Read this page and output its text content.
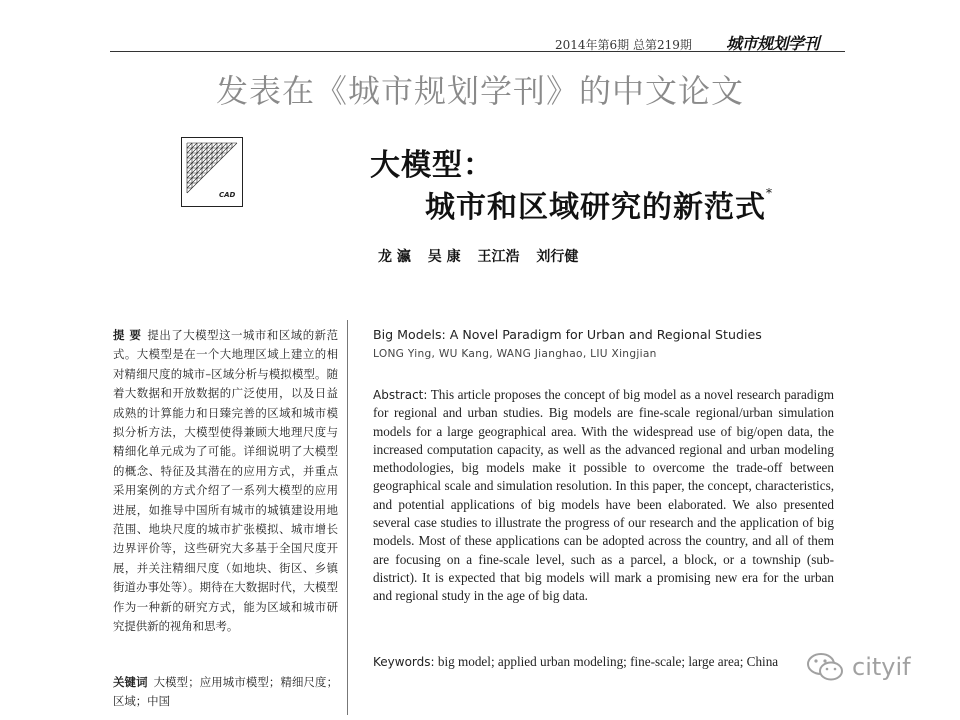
2014年第6期 总第219期 城市规划学刊
发表在《城市规划学刊》的中文论文
CAD
大模型：
城市和区域研究的新范式*
龙 瀛 吴 康 王江浩 刘行健
提 要 提出了大模型这一城市和区域的新范式。大模型是在一个大地理区域上建立的相对精细尺度的城市–区域分析与模拟模型。随着大数据和开放数据的广泛使用，以及日益成熟的计算能力和日臻完善的区域和城市模拟分析方法，大模型使得兼顾大地理尺度与精细化单元成为了可能。详细说明了大模型的概念、特征及其潜在的应用方式，并重点采用案例的方式介绍了一系列大模型的应用进展，如推导中国所有城市的城镇建设用地范围、地块尺度的城市扩张模拟、城市增长边界评价等，这些研究大多基于全国尺度开展，并关注精细尺度（如地块、街区、乡镇街道办事处等）。期待在大数据时代，大模型作为一种新的研究方式，能为区域和城市研究提供新的视角和思考。
关键词 大模型；应用城市模型；精细尺度；区域；中国
Big Models: A Novel Paradigm for Urban and Regional Studies
LONG Ying, WU Kang, WANG Jianghao, LIU Xingjian
Abstract: This article proposes the concept of big model as a novel research paradigm for regional and urban studies. Big models are fine-scale regional/urban simulation models for a large geographical area. With the widespread use of big/open data, the increased computation capacity, as well as the advanced regional and urban modeling methodologies, big models make it possible to overcome the trade-off between geographical scale and simulation resolution. In this paper, the concept, characteristics, and potential applications of big models have been elaborated. We also presented several case studies to illustrate the progress of our research and the application of big models. Most of these applications can be adopted across the country, and all of them are focusing on a fine-scale level, such as a parcel, a block, or a township (sub-district). It is expected that big models will mark a promising new era for the urban and regional study in the age of big data.
Keywords: big model; applied urban modeling; fine-scale; large area; China	cityif
